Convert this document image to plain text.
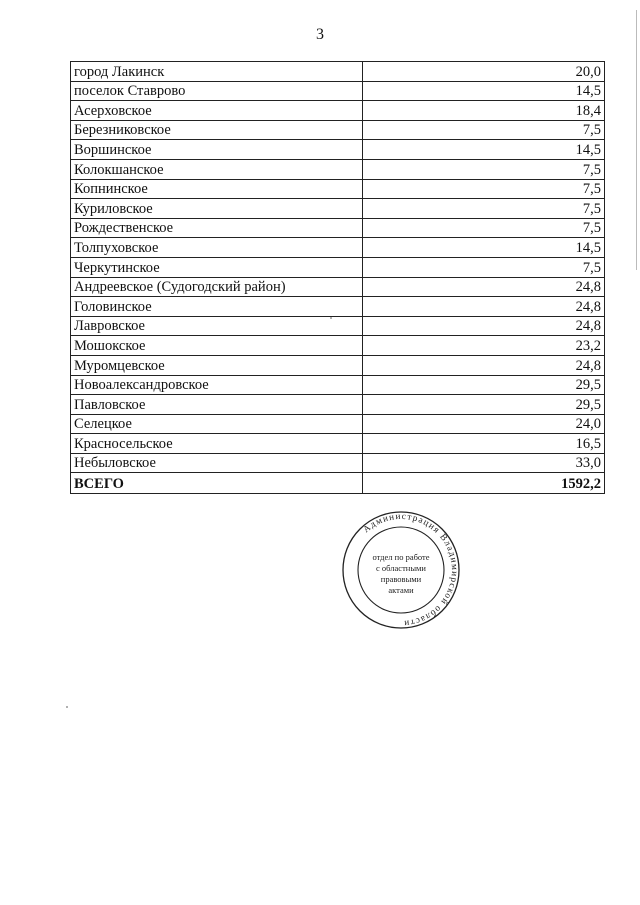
3
город Лакинск	20,0
поселок Ставрово	14,5
Асерховское	18,4
Березниковское	7,5
Воршинское	14,5
Колокшанское	7,5
Копнинское	7,5
Куриловское	7,5
Рождественское	7,5
Толпуховское	14,5
Черкутинское	7,5
Андреевское (Судогодский район)	24,8
Головинское	24,8
Лавровское	24,8
Мошокское	23,2
Муромцевское	24,8
Новоалександровское	29,5
Павловское	29,5
Селецкое	24,0
Красносельское	16,5
Небыловское	33,0
ВСЕГО	1592,2
Администрация Владимирской области
отдел по работе
с областными
правовыми
актами
